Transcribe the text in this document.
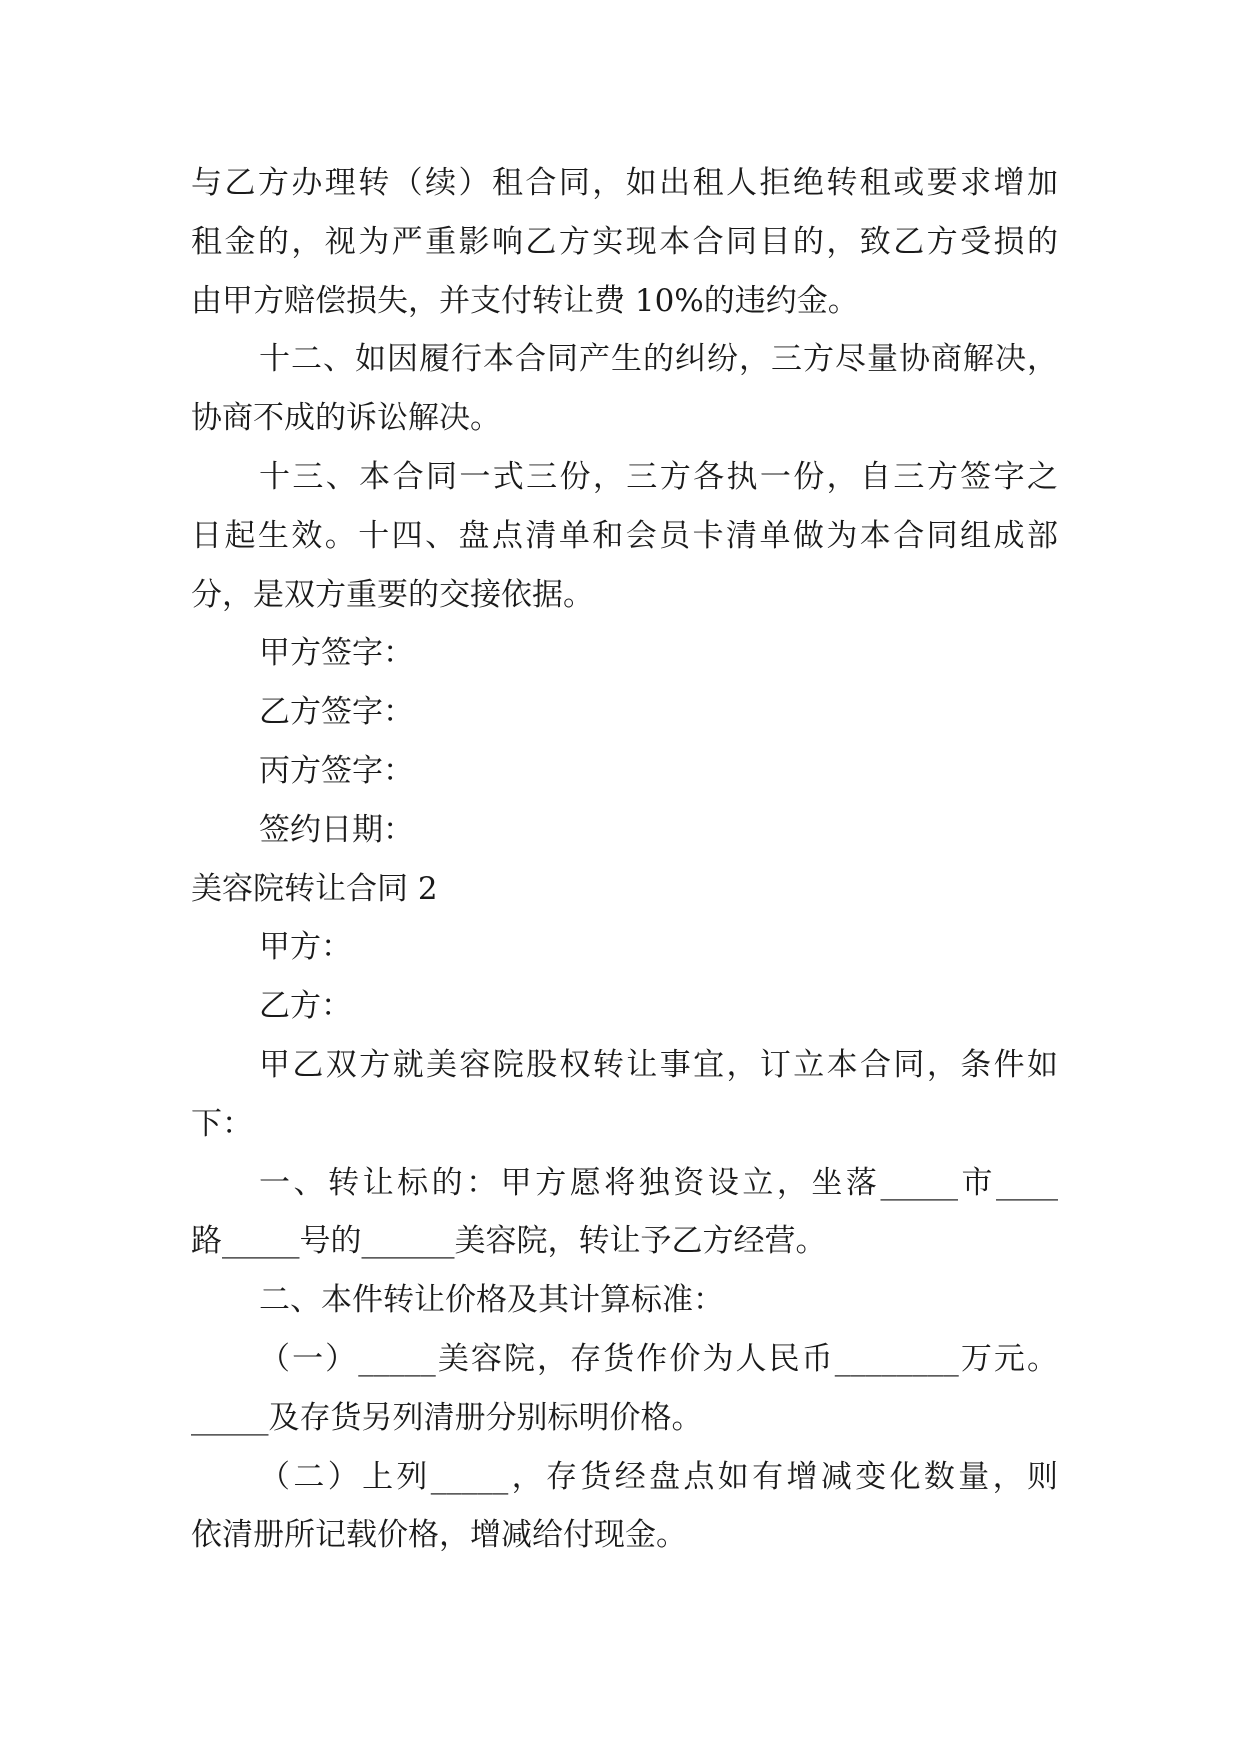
与乙方办理转（续）租合同，如出租人拒绝转租或要求增加
租金的，视为严重影响乙方实现本合同目的，致乙方受损的
由甲方赔偿损失，并支付转让费 10%的违约金。
十二、如因履行本合同产生的纠纷，三方尽量协商解决，
协商不成的诉讼解决。
十三、本合同一式三份，三方各执一份，自三方签字之
日起生效。十四、盘点清单和会员卡清单做为本合同组成部
分，是双方重要的交接依据。
甲方签字：
乙方签字：
丙方签字：
签约日期：
美容院转让合同 2
甲方：
乙方：
甲乙双方就美容院股权转让事宜，订立本合同，条件如
下：
一、转让标的：甲方愿将独资设立，坐落_____市____
路_____号的______美容院，转让予乙方经营。
二、本件转让价格及其计算标准：
（一）_____美容院，存货作价为人民币________万元。
_____及存货另列清册分别标明价格。
（二）上列_____，存货经盘点如有增减变化数量，则
依清册所记载价格，增减给付现金。
